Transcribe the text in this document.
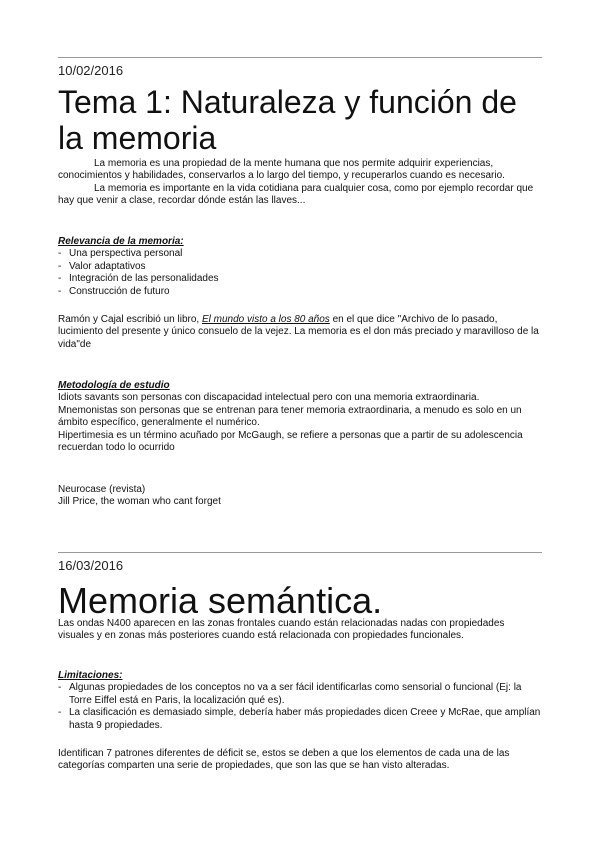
10/02/2016
Tema 1: Naturaleza y función de la memoria

La memoria es una propiedad de la mente humana que nos permite adquirir experiencias, conocimientos y habilidades, conservarlos a lo largo del tiempo, y recuperarlos cuando es necesario.

La memoria es importante en la vida cotidiana para cualquier cosa, como por ejemplo recordar que hay que venir a clase, recordar dónde están las llaves...

Relevancia de la memoria:

- Una perspectiva personal
- Valor adaptativos
- Integración de las personalidades
- Construcción de futuro

Ramón y Cajal escribió un libro, El mundo visto a los 80 años en el que dice "Archivo de lo pasado, lucimiento del presente y único consuelo de la vejez. La memoria es el don más preciado y maravilloso de la vida"de

Metodología de estudio

Idiots savants son personas con discapacidad intelectual pero con una memoria extraordinaria.

Mnemonistas son personas que se entrenan para tener memoria extraordinaria, a menudo es solo en un ámbito específico, generalmente el numérico.

Hipertimesia es un término acuñado por McGaugh, se refiere a personas que a partir de su adolescencia recuerdan todo lo ocurrido

Neurocase (revista)

Jill Price, the woman who cant forget

16/03/2016
Memoria semántica.

Las ondas N400 aparecen en las zonas frontales cuando están relacionadas nadas con propiedades visuales y en zonas más posteriores cuando está relacionada con propiedades funcionales.

Limitaciones:

- Algunas propiedades de los conceptos no va a ser fácil identificarlas como sensorial o funcional (Ej: la Torre Eiffel está en Paris, la localización qué es).
- La clasificación es demasiado simple, debería haber más propiedades dicen Creee y McRae, que amplían hasta 9 propiedades.

Identifican 7 patrones diferentes de déficit se, estos se deben a que los elementos de cada una de las categorías comparten una serie de propiedades, que son las que se han visto alteradas.
